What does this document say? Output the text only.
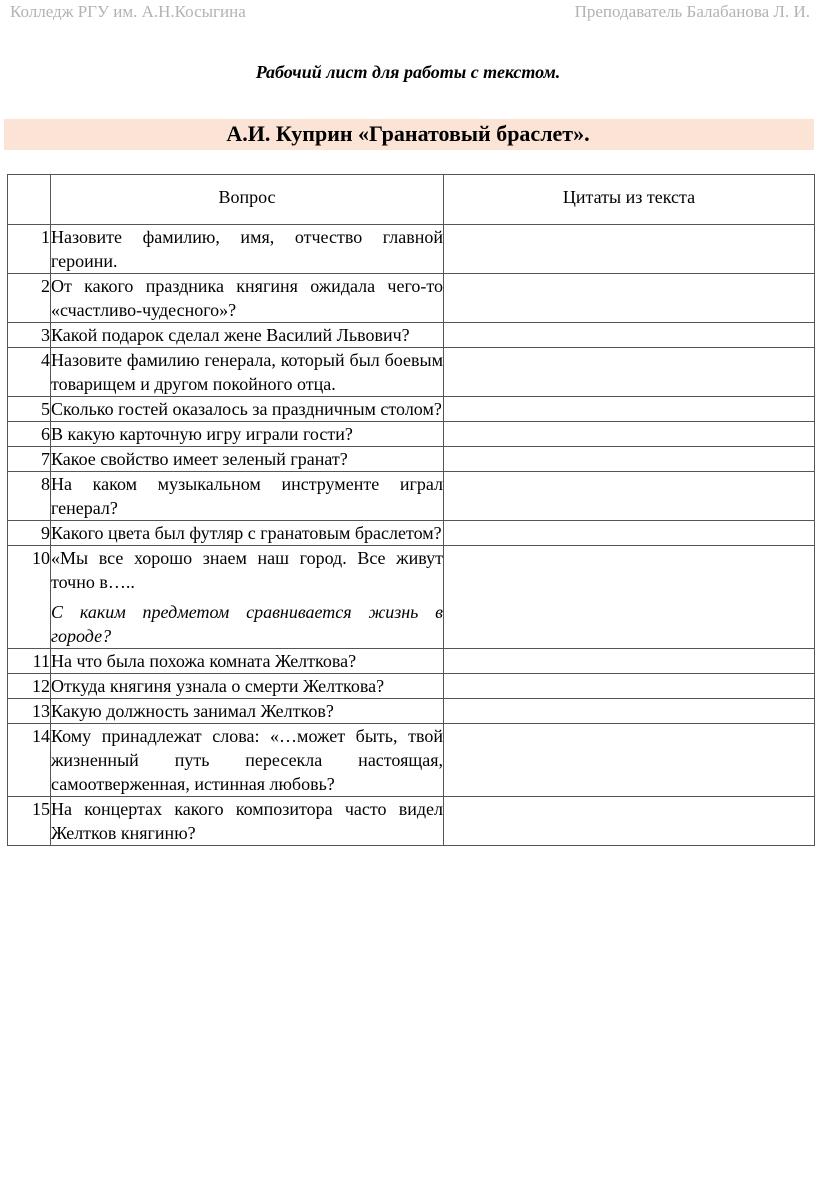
Колледж РГУ им. А.Н.Косыгина	Преподаватель Балабанова Л. И.
Рабочий лист для работы с текстом.
А.И. Куприн «Гранатовый браслет».
	Вопрос	Цитаты из текста
1	Назовите фамилию, имя, отчество главной героини.	

2	От какого праздника княгиня ожидала чего-то «счастливо-чудесного»?	

3	Какой подарок сделал жене Василий Львович?	

4	Назовите фамилию генерала, который был боевым товарищем и другом покойного отца.	

5	Сколько гостей оказалось за праздничным столом?	

6	В какую карточную игру играли гости?	

7	Какое свойство имеет зеленый гранат?	

8	На каком музыкальном инструменте играл генерал?	

9	Какого цвета был футляр с гранатовым браслетом?	

10	«Мы все хорошо знаем наш город. Все живут точно в…..
С каким предметом сравнивается жизнь в городе?	

11	На что была похожа комната Желткова?	

12	Откуда княгиня узнала о смерти Желткова?	

13	Какую должность занимал Желтков?	

14	Кому принадлежат слова: «…может быть, твой жизненный путь пересекла настоящая, самоотверженная, истинная любовь?	

15	На концертах какого композитора часто видел Желтков княгиню?	
